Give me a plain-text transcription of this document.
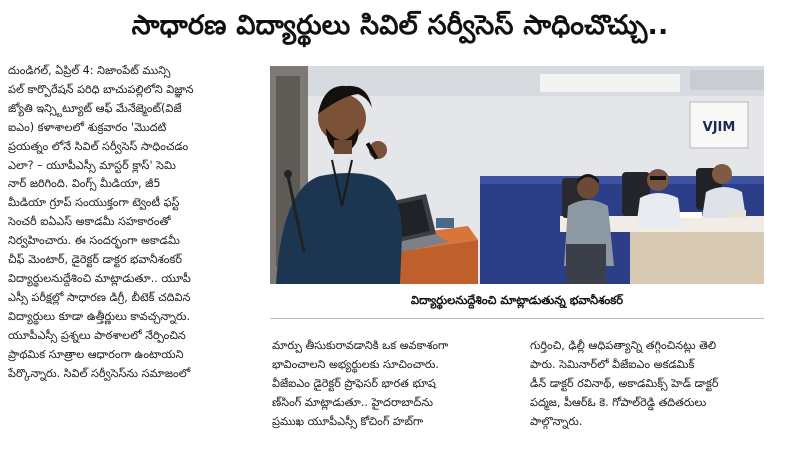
సాధారణ విద్యార్థులు సివిల్ సర్వీసెస్ సాధించొచ్చు..
దుండిగల్, ఏప్రిల్ 4: నిజాంపేట్ మున్సి
పల్ కార్పొరేషన్ పరిధి బాచుపల్లిలోని విజ్ఞాన
జ్యోతి ఇన్స్టిట్యూట్ ఆఫ్ మేనేజ్మెంట్(విజే
ఐఎం) కళాశాలలో శుక్రవారం 'మొదటి
ప్రయత్నం లోనే సివిల్ సర్వీసెస్ సాధించడం
ఎలా? – యూపీఎస్సీ మాస్టర్ క్లాస్' సెమి
నార్ జరిగింది. వింగ్స్ మీడియా, జీ5
మీడియా గ్రూప్ సంయుక్తంగా ట్వెంటీ ఫస్ట్
సెంచరీ ఐఏఎస్ అకాడమీ సహకారంతో
నిర్వహించారు. ఈ సందర్భంగా అకాడమీ
చీఫ్ మెంటార్, డైరెక్టర్ డాక్టర భవానీశంకర్
విద్యార్థులనుద్దేశించి మాట్లాడుతూ.. యూపీ
ఎస్సీ పరీక్షల్లో సాధారణ డిగ్రీ, బీటెక్ చదివిన
విద్యార్థులు కూడా ఉత్తీర్ణులు కావచ్చన్నారు.
యూపీఎస్సీ ప్రశ్నలు పాఠశాలలో నేర్పించిన
ప్రాథమిక సూత్రాల ఆధారంగా ఉంటాయని
పేర్కొన్నారు. సివిల్ సర్వీసెస్‌ను సమాజంలో
VJIM
విద్యార్థులనుద్దేశించి మాట్లాడుతున్న భవానీశంకర్
మార్పు తీసుకురావడానికి ఒక అవకాశంగా
భావించాలని అభ్యర్థులకు సూచించారు.
వీజేఐఎం డైరెక్టర్ ప్రొఫెసర్ భారత భూష
ణ్‌సింగ్ మాట్లాడుతూ.. హైదరాబాద్‌ను
ప్రముఖ యూపీఎస్సీ కోచింగ్ హబ్‌గా
గుర్తించి, ఢిల్లీ ఆధిపత్యాన్ని తగ్గించినట్లు తెలి
పారు. సెమినార్‌లో వీజేఐఎం అకడమిక్
డీన్ డాక్టర్ రవినాథ్, అకాడమిక్స్ హెడ్ డాక్టర్
పద్మజ, పీఆర్ఓ కె. గోపాల్‌రెడ్డి తదితరులు
పాల్గొన్నారు.
